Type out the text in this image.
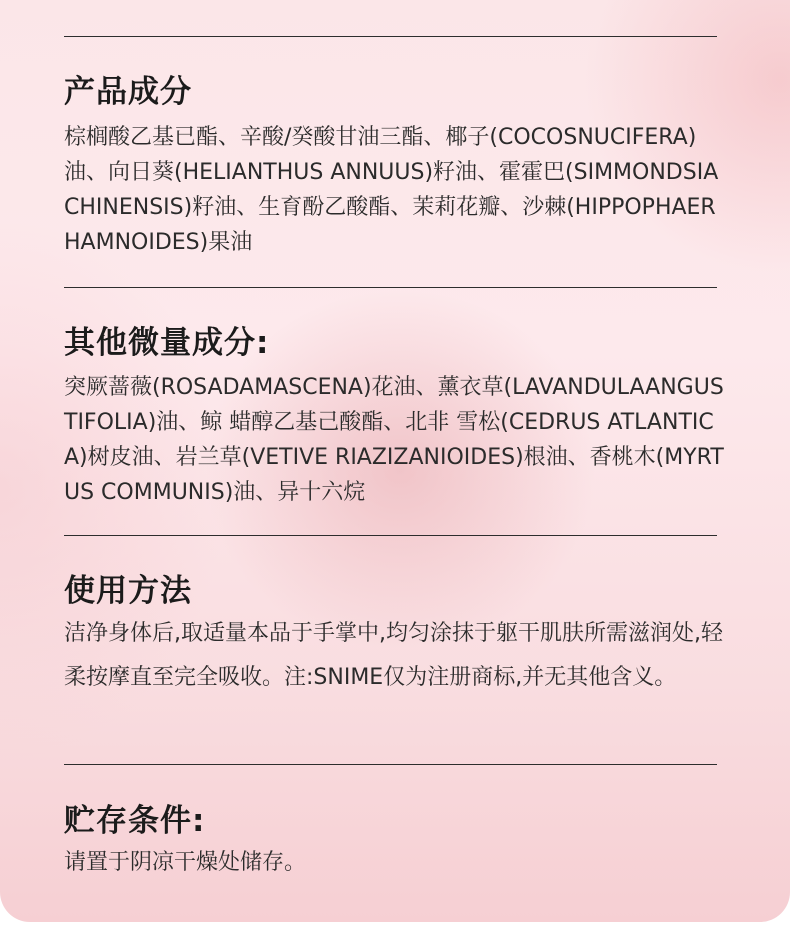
产品成分
棕榈酸乙基已酯、辛酸/癸酸甘油三酯、椰子(COCOSNUCIFERA)油、向日葵(HELIANTHUS ANNUUS)籽油、霍霍巴(SIMMONDSIACHINENSIS)籽油、生育酚乙酸酯、茉莉花瓣、沙棘(HIPPOPHAERHAMNOIDES)果油
其他微量成分:
突厥蔷薇(ROSADAMASCENA)花油、薰衣草(LAVANDULAANGUSTIFOLIA)油、鲸 蜡醇乙基己酸酯、北非 雪松(CEDRUS ATLANTICA)树皮油、岩兰草(VETIVE RIAZIZANIOIDES)根油、香桃木(MYRTUS COMMUNIS)油、异十六烷
使用方法
洁净身体后,取适量本品于手掌中,均匀涂抹于躯干肌肤所需滋润处,轻柔按摩直至完全吸收。注:SNIME仅为注册商标,并无其他含义。
贮存条件:
请置于阴凉干燥处储存。
